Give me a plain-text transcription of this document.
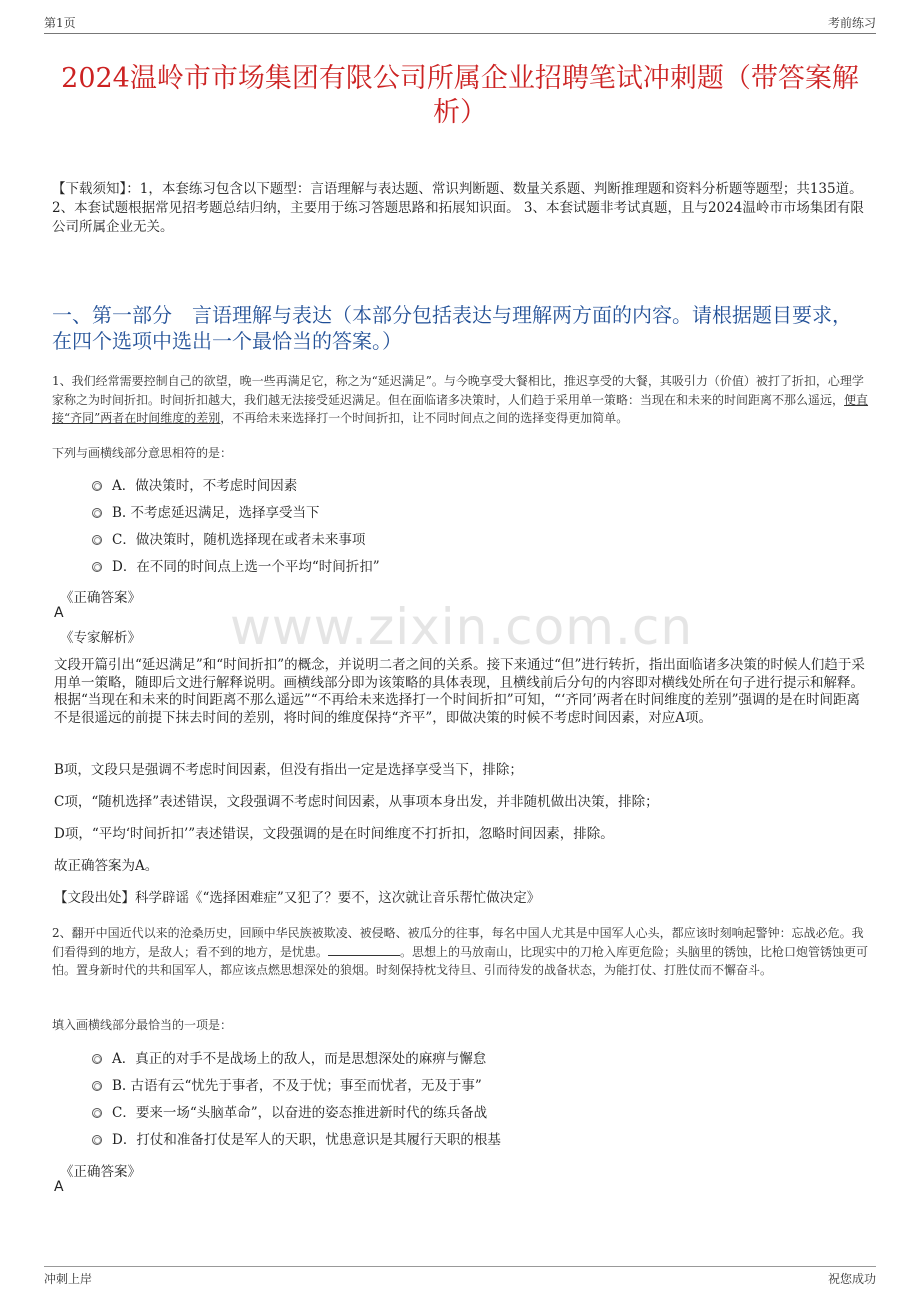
第1页	考前练习
www.zixin.com.cn
2024温岭市市场集团有限公司所属企业招聘笔试冲刺题（带答案解析）
【下载须知】：1，本套练习包含以下题型：言语理解与表达题、常识判断题、数量关系题、判断推理题和资料分析题等题型；共135道。 2、本套试题根据常见招考题总结归纳，主要用于练习答题思路和拓展知识面。 3、本套试题非考试真题，且与2024温岭市市场集团有限公司所属企业无关。
一、第一部分　言语理解与表达（本部分包括表达与理解两方面的内容。请根据题目要求，在四个选项中选出一个最恰当的答案。）
1、我们经常需要控制自己的欲望，晚一些再满足它，称之为“延迟满足”。与今晚享受大餐相比，推迟享受的大餐，其吸引力（价值）被打了折扣，心理学家称之为时间折扣。时间折扣越大，我们越无法接受延迟满足。但在面临诸多决策时，人们趋于采用单一策略：当现在和未来的时间距离不那么遥远，便直接“齐同”两者在时间维度的差别，不再给未来选择打一个时间折扣，让不同时间点之间的选择变得更加简单。
下列与画横线部分意思相符的是：
A．做决策时，不考虑时间因素
B. 不考虑延迟满足，选择享受当下
C．做决策时，随机选择现在或者未来事项
D．在不同的时间点上选一个平均“时间折扣”
《正确答案》
A
《专家解析》
文段开篇引出“延迟满足”和“时间折扣”的概念，并说明二者之间的关系。接下来通过“但”进行转折，指出面临诸多决策的时候人们趋于采用单一策略，随即后文进行解释说明。画横线部分即为该策略的具体表现，且横线前后分句的内容即对横线处所在句子进行提示和解释。根据“当现在和未来的时间距离不那么遥远”“不再给未来选择打一个时间折扣”可知，“‘齐同’两者在时间维度的差别”强调的是在时间距离不是很遥远的前提下抹去时间的差别，将时间的维度保持“齐平”，即做决策的时候不考虑时间因素，对应A项。
B项，文段只是强调不考虑时间因素，但没有指出一定是选择享受当下，排除；
C项，“随机选择”表述错误，文段强调不考虑时间因素，从事项本身出发，并非随机做出决策，排除；
D项，“平均‘时间折扣’”表述错误，文段强调的是在时间维度不打折扣，忽略时间因素，排除。
故正确答案为A。
【文段出处】科学辟谣《“选择困难症”又犯了？要不，这次就让音乐帮忙做决定》
2、翻开中国近代以来的沧桑历史，回顾中华民族被欺凌、被侵略、被瓜分的往事，每名中国人尤其是中国军人心头，都应该时刻响起警钟：忘战必危。我们看得到的地方，是敌人；看不到的地方，是忧患。	。思想上的马放南山，比现实中的刀枪入库更危险；头脑里的锈蚀，比枪口炮管锈蚀更可怕。置身新时代的共和国军人，都应该点燃思想深处的狼烟。时刻保持枕戈待旦、引而待发的战备状态，为能打仗、打胜仗而不懈奋斗。
填入画横线部分最恰当的一项是：
A．真正的对手不是战场上的敌人，而是思想深处的麻痹与懈怠
B. 古语有云“忧先于事者，不及于忧；事至而忧者，无及于事”
C．要来一场“头脑革命”，以奋进的姿态推进新时代的练兵备战
D．打仗和准备打仗是军人的天职，忧患意识是其履行天职的根基
《正确答案》
A
冲刺上岸	祝您成功
